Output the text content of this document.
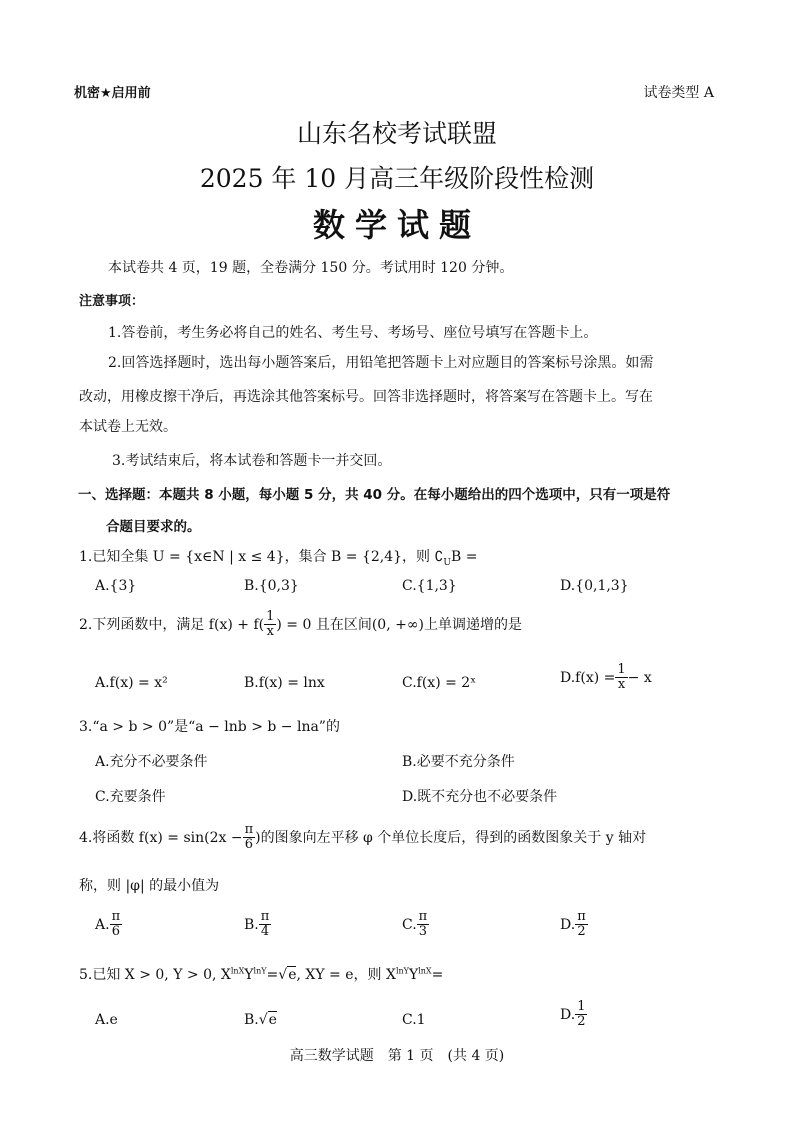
机密★启用前	试卷类型 A
山东名校考试联盟
2025 年 10 月高三年级阶段性检测
数学试题
本试卷共 4 页，19 题，全卷满分 150 分。考试用时 120 分钟。
注意事项：
1.答卷前，考生务必将自己的姓名、考生号、考场号、座位号填写在答题卡上。
2.回答选择题时，选出每小题答案后，用铅笔把答题卡上对应题目的答案标号涂黑。如需
改动，用橡皮擦干净后，再选涂其他答案标号。回答非选择题时，将答案写在答题卡上。写在
本试卷上无效。
3.考试结束后，将本试卷和答题卡一并交回。
一、选择题：本题共 8 小题，每小题 5 分，共 40 分。在每小题给出的四个选项中，只有一项是符
合题目要求的。
1.已知全集 U = {x∈N | x ≤ 4}，集合 B = {2,4}，则 $∁_UB$ =
A.{3}	B.{0,3}	C.{1,3}	D.{0,1,3}
2.下列函数中，满足 $f(x) + f( \frac{1}{x}$ ) = 0 且在区间(0, +∞)上单调递增的是
A.f(x) = x²	B.f(x) = lnx	C.f(x) = 2ˣ	$D.f(x) = \frac{1}{x} - x$
3.“a > b > 0”是“a − lnb > b − lna”的
A.充分不必要条件	B.必要不充分条件
C.充要条件	D.既不充分也不必要条件
4.将函数 $f(x) = \sin(2x - \frac{\pi}{6}$ )的图象向左平移 φ 个单位长度后，得到的函数图象关于 y 轴对
称，则 |φ| 的最小值为
A. $\frac{\pi}{6}$	B. $\frac{\pi}{4}$	C. $\frac{\pi}{3}$	D. $\frac{\pi}{2}$
5.已知 X > 0, Y > 0, $X^{lnX}Y^{lnY}=√e$, XY = e，则 $X^{lnY}Y^{lnX}=$
A.e	B.√e	C.1	D. $\frac{1}{2}$
高三数学试题　第 1 页　(共 4 页)
